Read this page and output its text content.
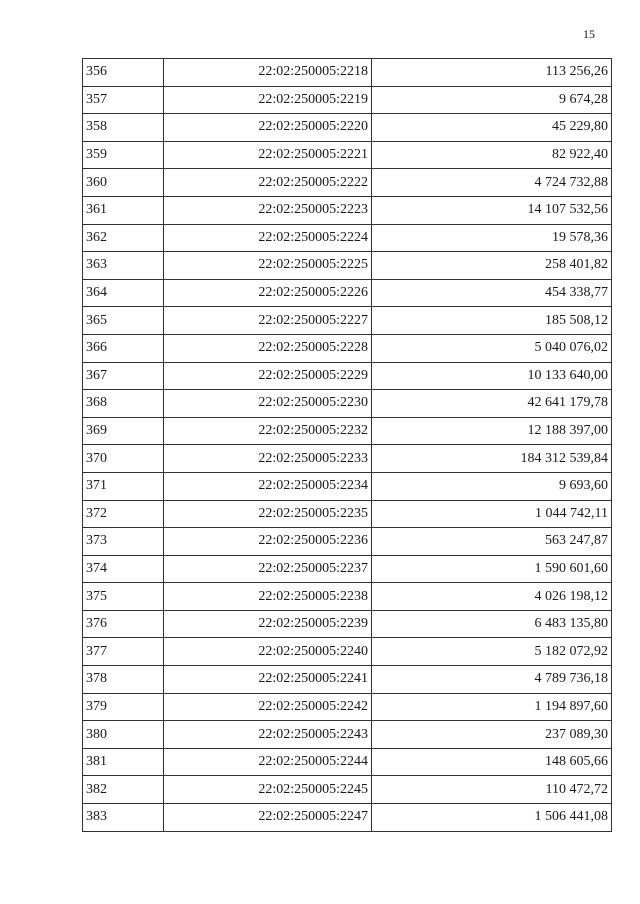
15
356	22:02:250005:2218	113 256,26
357	22:02:250005:2219	9 674,28
358	22:02:250005:2220	45 229,80
359	22:02:250005:2221	82 922,40
360	22:02:250005:2222	4 724 732,88
361	22:02:250005:2223	14 107 532,56
362	22:02:250005:2224	19 578,36
363	22:02:250005:2225	258 401,82
364	22:02:250005:2226	454 338,77
365	22:02:250005:2227	185 508,12
366	22:02:250005:2228	5 040 076,02
367	22:02:250005:2229	10 133 640,00
368	22:02:250005:2230	42 641 179,78
369	22:02:250005:2232	12 188 397,00
370	22:02:250005:2233	184 312 539,84
371	22:02:250005:2234	9 693,60
372	22:02:250005:2235	1 044 742,11
373	22:02:250005:2236	563 247,87
374	22:02:250005:2237	1 590 601,60
375	22:02:250005:2238	4 026 198,12
376	22:02:250005:2239	6 483 135,80
377	22:02:250005:2240	5 182 072,92
378	22:02:250005:2241	4 789 736,18
379	22:02:250005:2242	1 194 897,60
380	22:02:250005:2243	237 089,30
381	22:02:250005:2244	148 605,66
382	22:02:250005:2245	110 472,72
383	22:02:250005:2247	1 506 441,08
